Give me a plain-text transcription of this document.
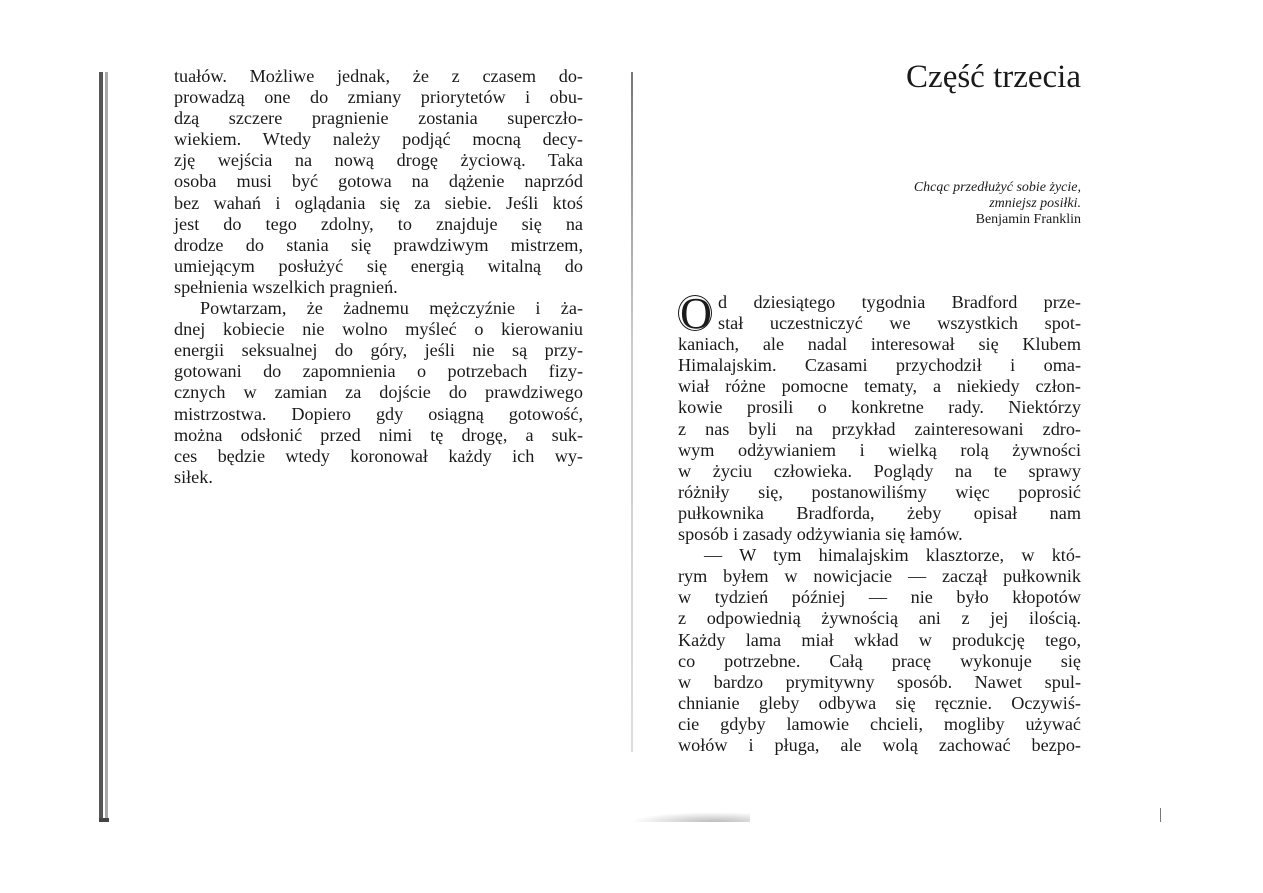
tuałów. Możliwe jednak, że z czasem do-
prowadzą one do zmiany priorytetów i obu-
dzą szczere pragnienie zostania superczło-
wiekiem. Wtedy należy podjąć mocną decy-
zję wejścia na nową drogę życiową. Taka
osoba musi być gotowa na dążenie naprzód
bez wahań i oglądania się za siebie. Jeśli ktoś
jest do tego zdolny, to znajduje się na
drodze do stania się prawdziwym mistrzem,
umiejącym posłużyć się energią witalną do
spełnienia wszelkich pragnień.
Powtarzam, że żadnemu mężczyźnie i ża-
dnej kobiecie nie wolno myśleć o kierowaniu
energii seksualnej do góry, jeśli nie są przy-
gotowani do zapomnienia o potrzebach fizy-
cznych w zamian za dojście do prawdziwego
mistrzostwa. Dopiero gdy osiągną gotowość,
można odsłonić przed nimi tę drogę, a suk-
ces będzie wtedy koronował każdy ich wy-
siłek.
Część trzecia
Chcąc przedłużyć sobie życie,
zmniejsz posiłki.
Benjamin Franklin
O d dziesiątego tygodnia Bradford prze-
stał uczestniczyć we wszystkich spot-
kaniach, ale nadal interesował się Klubem
Himalajskim. Czasami przychodził i oma-
wiał różne pomocne tematy, a niekiedy człon-
kowie prosili o konkretne rady. Niektórzy
z nas byli na przykład zainteresowani zdro-
wym odżywianiem i wielką rolą żywności
w życiu człowieka. Poglądy na te sprawy
różniły się, postanowiliśmy więc poprosić
pułkownika Bradforda, żeby opisał nam
sposób i zasady odżywiania się łamów.
— W tym himalajskim klasztorze, w któ-
rym byłem w nowicjacie — zaczął pułkownik
w tydzień później — nie było kłopotów
z odpowiednią żywnością ani z jej ilością.
Każdy lama miał wkład w produkcję tego,
co potrzebne. Całą pracę wykonuje się
w bardzo prymitywny sposób. Nawet spul-
chnianie gleby odbywa się ręcznie. Oczywiś-
cie gdyby lamowie chcieli, mogliby używać
wołów i pługa, ale wolą zachować bezpo-
